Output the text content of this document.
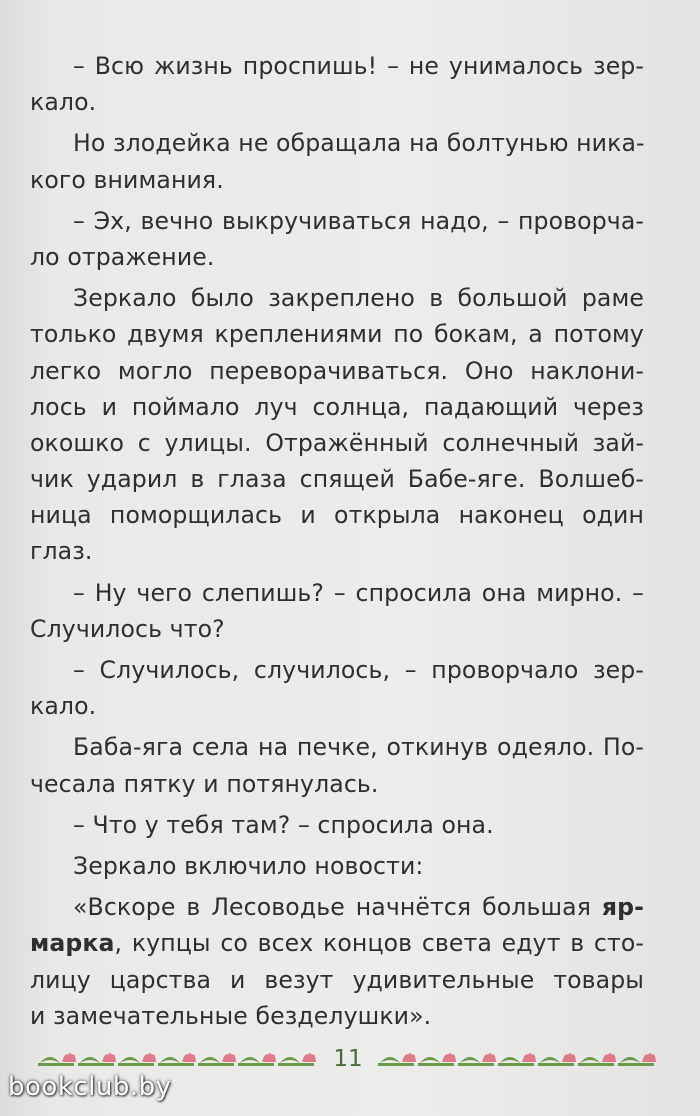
– Всю жизнь проспишь! – не унималось зер-
кало.
Но злодейка не обращала на болтунью ника-
кого внимания.
– Эх, вечно выкручиваться надо, – проворча-
ло отражение.
Зеркало было закреплено в большой раме
только двумя креплениями по бокам, а потому
легко могло переворачиваться. Оно наклони-
лось и поймало луч солнца, падающий через
окошко с улицы. Отражённый солнечный зай-
чик ударил в глаза спящей Бабе-яге. Волшеб-
ница поморщилась и открыла наконец один
глаз.
– Ну чего слепишь? – спросила она мирно. –
Случилось что?
– Случилось, случилось, – проворчало зер-
кало.
Баба-яга села на печке, откинув одеяло. По-
чесала пятку и потянулась.
– Что у тебя там? – спросила она.
Зеркало включило новости:
«Вскоре в Лесоводье начнётся большая яр-
марка, купцы со всех концов света едут в сто-
лицу царства и везут удивительные товары
и замечательные безделушки».
11
bookclub.by
